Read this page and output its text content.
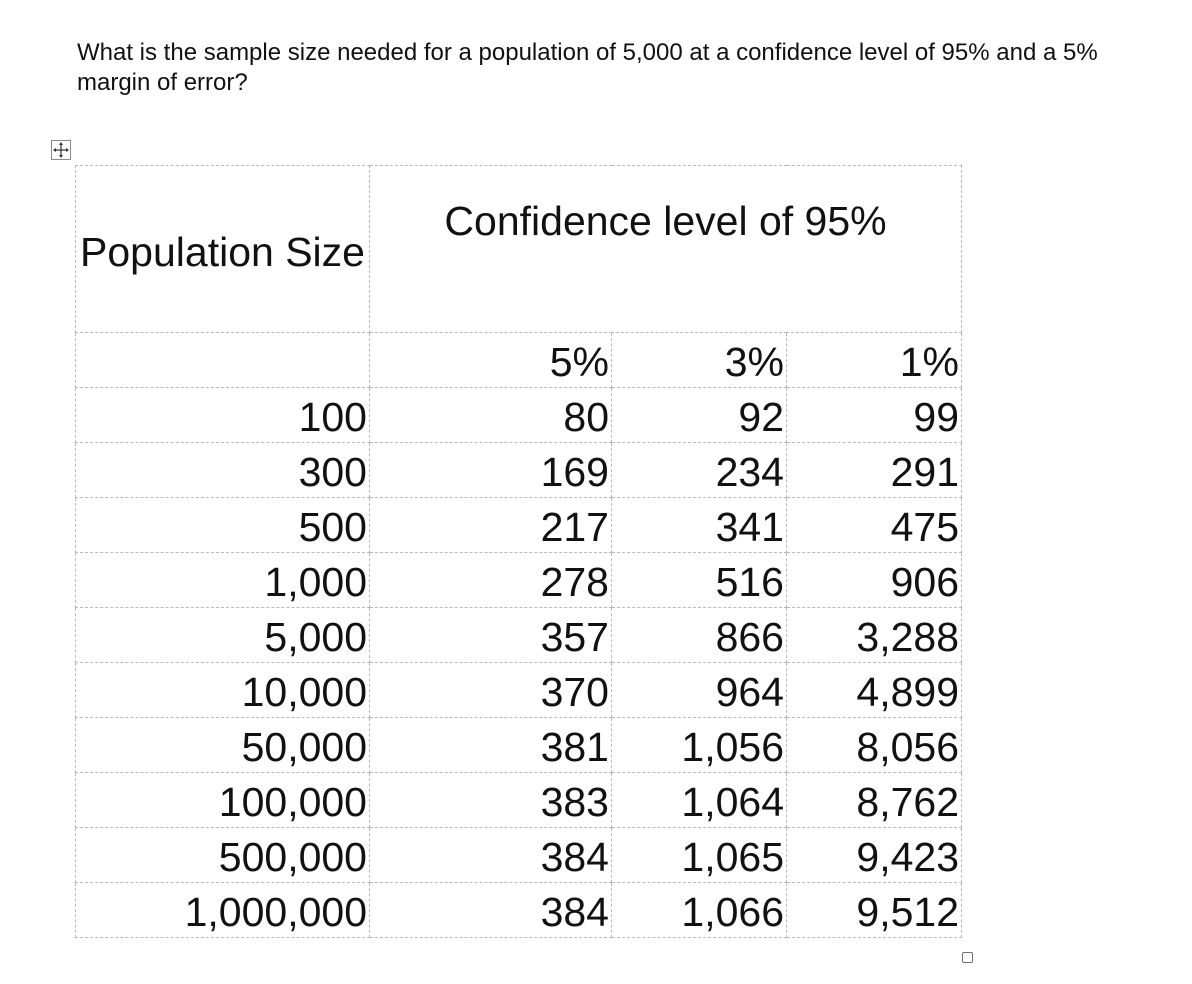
What is the sample size needed for a population of 5,000 at a confidence level of 95% and a 5% margin of error?

Population Size	Confidence level of 95%		

	5%	3%	1%
100	80	92	99
300	169	234	291
500	217	341	475
1,000	278	516	906
5,000	357	866	3,288
10,000	370	964	4,899
50,000	381	1,056	8,056
100,000	383	1,064	8,762
500,000	384	1,065	9,423
1,000,000	384	1,066	9,512
